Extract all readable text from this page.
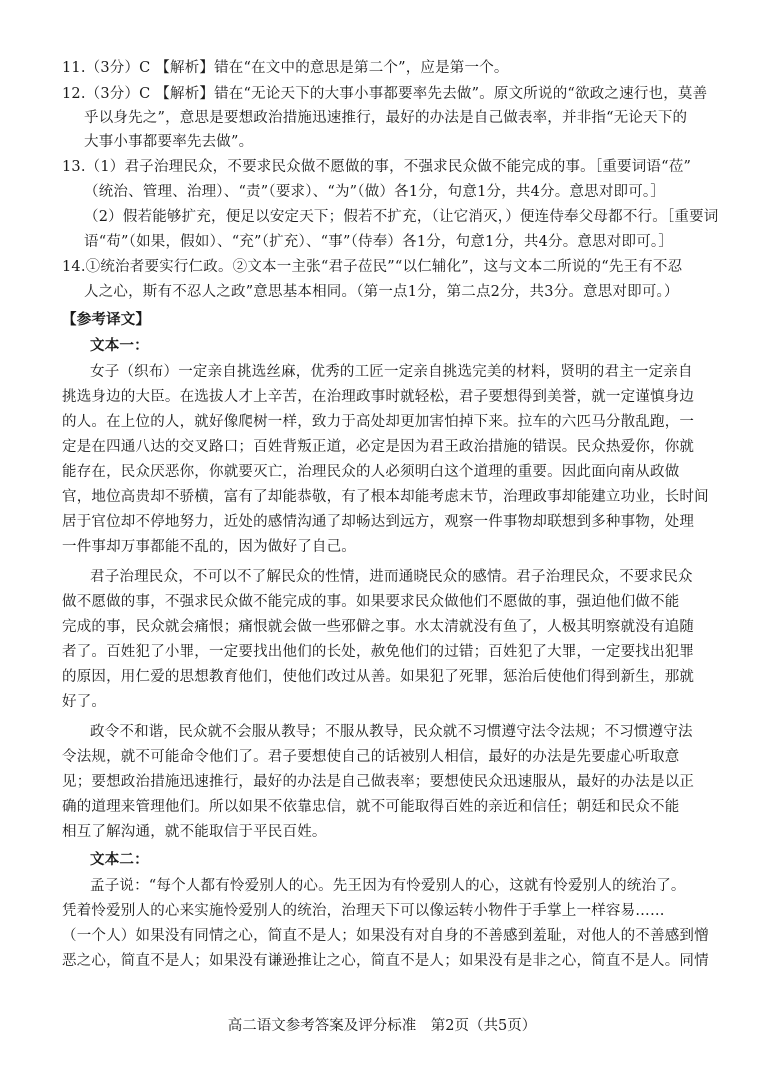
11.（3分）C 【解析】错在“在文中的意思是第二个”，应是第一个。
12.（3分）C 【解析】错在“无论天下的大事小事都要率先去做”。原文所说的“欲政之速行也，莫善
乎以身先之”，意思是要想政治措施迅速推行，最好的办法是自己做表率，并非指“无论天下的
大事小事都要率先去做”。
13.（1）君子治理民众，不要求民众做不愿做的事，不强求民众做不能完成的事。［重要词语“莅”
（统治、管理、治理）、“责”（要求）、“为”（做）各1分，句意1分，共4分。意思对即可。］
（2）假若能够扩充，便足以安定天下；假若不扩充，（让它消灭，）便连侍奉父母都不行。［重要词
语“苟”（如果，假如）、“充”（扩充）、“事”（侍奉）各1分，句意1分，共4分。意思对即可。］
14.①统治者要实行仁政。②文本一主张“君子莅民”“以仁辅化”，这与文本二所说的“先王有不忍
人之心，斯有不忍人之政”意思基本相同。（第一点1分，第二点2分，共3分。意思对即可。）
【参考译文】
文本一：
女子（织布）一定亲自挑选丝麻，优秀的工匠一定亲自挑选完美的材料，贤明的君主一定亲自
挑选身边的大臣。在选拔人才上辛苦，在治理政事时就轻松，君子要想得到美誉，就一定谨慎身边
的人。在上位的人，就好像爬树一样，致力于高处却更加害怕掉下来。拉车的六匹马分散乱跑，一
定是在四通八达的交叉路口；百姓背叛正道，必定是因为君王政治措施的错误。民众热爱你，你就
能存在，民众厌恶你，你就要灭亡，治理民众的人必须明白这个道理的重要。因此面向南从政做
官，地位高贵却不骄横，富有了却能恭敬，有了根本却能考虑末节，治理政事却能建立功业，长时间
居于官位却不停地努力，近处的感情沟通了却畅达到远方，观察一件事物却联想到多种事物，处理
一件事却万事都能不乱的，因为做好了自己。
君子治理民众，不可以不了解民众的性情，进而通晓民众的感情。君子治理民众，不要求民众
做不愿做的事，不强求民众做不能完成的事。如果要求民众做他们不愿做的事，强迫他们做不能
完成的事，民众就会痛恨；痛恨就会做一些邪僻之事。水太清就没有鱼了，人极其明察就没有追随
者了。百姓犯了小罪，一定要找出他们的长处，赦免他们的过错；百姓犯了大罪，一定要找出犯罪
的原因，用仁爱的思想教育他们，使他们改过从善。如果犯了死罪，惩治后使他们得到新生，那就
好了。
政令不和谐，民众就不会服从教导；不服从教导，民众就不习惯遵守法令法规；不习惯遵守法
令法规，就不可能命令他们了。君子要想使自己的话被别人相信，最好的办法是先要虚心听取意
见；要想政治措施迅速推行，最好的办法是自己做表率；要想使民众迅速服从，最好的办法是以正
确的道理来管理他们。所以如果不依靠忠信，就不可能取得百姓的亲近和信任；朝廷和民众不能
相互了解沟通，就不能取信于平民百姓。
文本二：
孟子说：“每个人都有怜爱别人的心。先王因为有怜爱别人的心，这就有怜爱别人的统治了。
凭着怜爱别人的心来实施怜爱别人的统治，治理天下可以像运转小物件于手掌上一样容易……
（一个人）如果没有同情之心，简直不是人；如果没有对自身的不善感到羞耻，对他人的不善感到憎
恶之心，简直不是人；如果没有谦逊推让之心，简直不是人；如果没有是非之心，简直不是人。同情
高二语文参考答案及评分标准　第2页（共5页）
